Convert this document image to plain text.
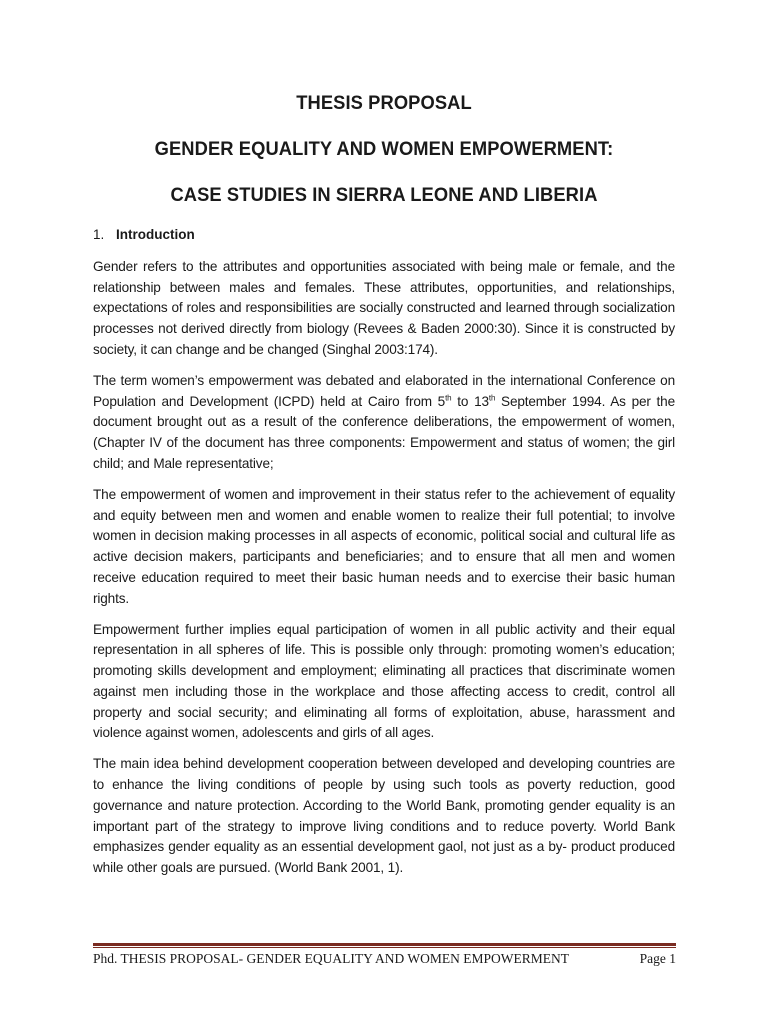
THESIS PROPOSAL
GENDER EQUALITY AND WOMEN EMPOWERMENT:
CASE STUDIES IN SIERRA LEONE AND LIBERIA
1. Introduction

Gender refers to the attributes and opportunities associated with being male or female, and the relationship between males and females. These attributes, opportunities, and relationships, expectations of roles and responsibilities are socially constructed and learned through socialization processes not derived directly from biology (Revees & Baden 2000:30). Since it is constructed by society, it can change and be changed (Singhal 2003:174).

The term women’s empowerment was debated and elaborated in the international Conference on Population and Development (ICPD) held at Cairo from 5th to 13th September 1994. As per the document brought out as a result of the conference deliberations, the empowerment of women, (Chapter IV of the document has three components: Empowerment and status of women; the girl child; and Male representative;

The empowerment of women and improvement in their status refer to the achievement of equality and equity between men and women and enable women to realize their full potential; to involve women in decision making processes in all aspects of economic, political social and cultural life as active decision makers, participants and beneficiaries; and to ensure that all men and women receive education required to meet their basic human needs and to exercise their basic human rights.

Empowerment further implies equal participation of women in all public activity and their equal representation in all spheres of life. This is possible only through: promoting women’s education; promoting skills development and employment; eliminating all practices that discriminate women against men including those in the workplace and those affecting access to credit, control all property and social security; and eliminating all forms of exploitation, abuse, harassment and violence against women, adolescents and girls of all ages.

The main idea behind development cooperation between developed and developing countries are to enhance the living conditions of people by using such tools as poverty reduction, good governance and nature protection. According to the World Bank, promoting gender equality is an important part of the strategy to improve living conditions and to reduce poverty. World Bank emphasizes gender equality as an essential development gaol, not just as a by- product produced while other goals are pursued. (World Bank 2001, 1).

Phd. THESIS PROPOSAL- GENDER EQUALITY AND WOMEN EMPOWERMENT	Page 1
